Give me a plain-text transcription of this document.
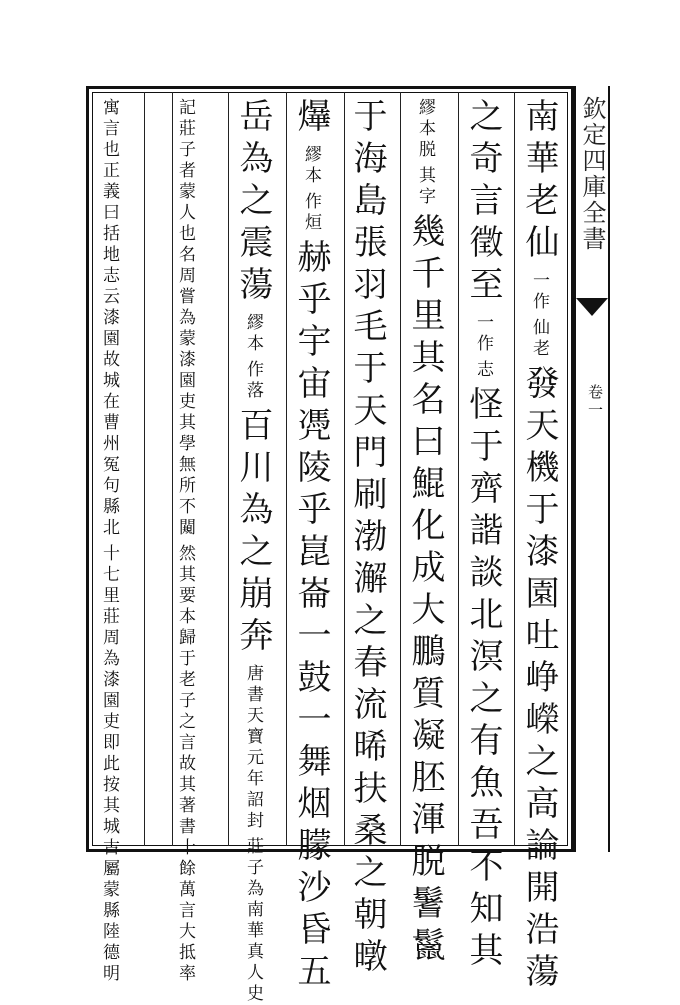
欽定四庫全書
卷一
南華老仙 一作 仙老 發天機于漆園吐峥嶸之高論開浩蕩
之奇言徵至 一作 志 怪于齊諧談北溟之有魚吾不知其
繆本脱 其字 幾千里其名曰鯤化成大鵬質凝胚渾脱鬐鬣
于海島張羽毛于天門刷渤澥之春流晞扶桑之朝暾
爗 繆本 作烜 赫乎宇宙凴陵乎崑崙一鼓一舞烟朦沙昏五
岳為之震蕩 繆本 作落 百川為之崩奔 唐書天寶元年詔封 莊子為南華真人史
記莊子者蒙人也名周嘗為蒙漆園吏其學無所不闚 然其要本歸于老子之言故其著書十餘萬言大抵率
寓言也正義曰括地志云漆園故城在曹州冤句縣北 十七里莊周為漆園吏即此按其城古屬蒙縣陸德明
